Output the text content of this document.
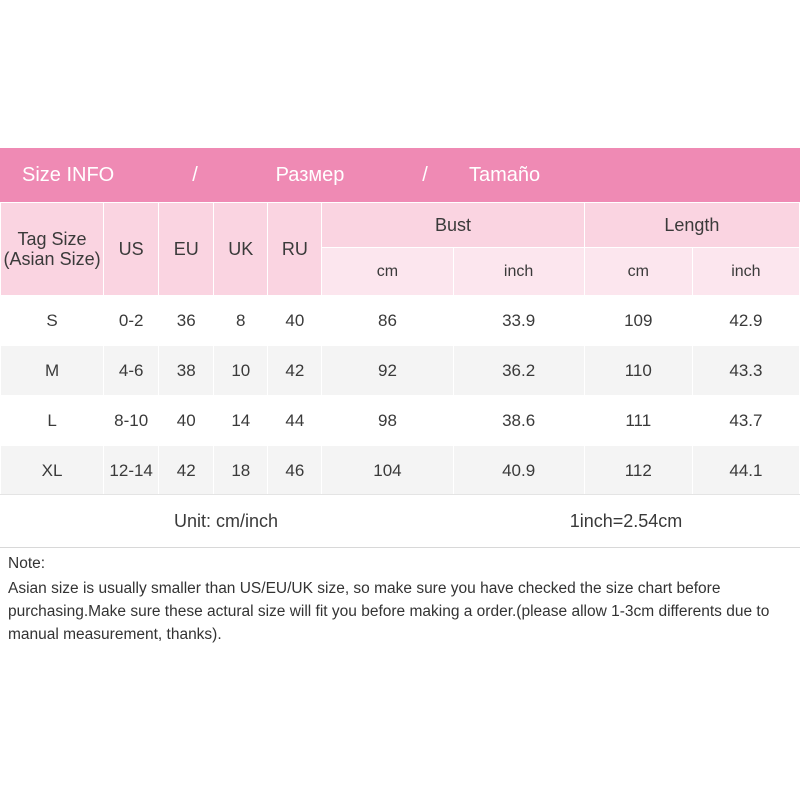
Size INFO	/	Размер	/	Tamaño
Tag Size
(Asian Size)	US	EU	UK	RU	Bust		Length	
					cm	inch	cm	inch
S	0-2	36	8	40	86	33.9	109	42.9
M	4-6	38	10	42	92	36.2	110	43.3
L	8-10	40	14	44	98	38.6	111	43.7
XL	12-14	42	18	46	104	40.9	112	44.1
Unit: cm/inch	1inch=2.54cm
Note:
Asian size is usually smaller than US/EU/UK size, so make sure you have checked the size chart before purchasing.Make sure these actural size will fit you before making a order.(please allow 1-3cm differents due to manual measurement, thanks).
